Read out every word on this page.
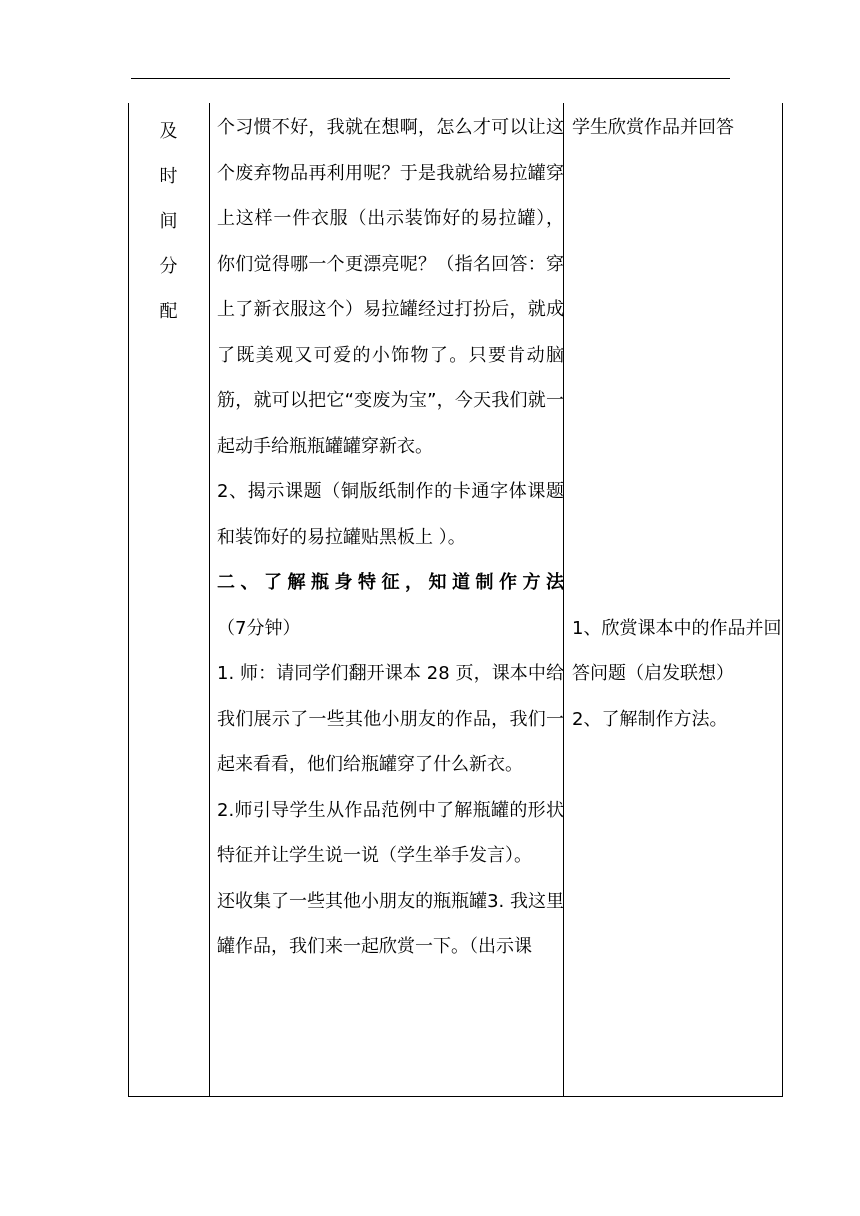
及
时
间
分
配

个习惯不好，我就在想啊，怎么才可以让这个废弃物品再利用呢？于是我就给易拉罐穿上这样一件衣服（出示装饰好的易拉罐），你们觉得哪一个更漂亮呢？（指名回答：穿上了新衣服这个）易拉罐经过打扮后，就成了既美观又可爱的小饰物了。只要肯动脑筋，就可以把它“变废为宝”，今天我们就一起动手给瓶瓶罐罐穿新衣。

2、揭示课题（铜版纸制作的卡通字体课题和装饰好的易拉罐贴黑板上 ）。

二、了解瓶身特征，知道制作方法（7分钟）

1. 师：请同学们翻开课本 28 页，课本中给我们展示了一些其他小朋友的作品，我们一起来看看，他们给瓶罐穿了什么新衣。

2.师引导学生从作品范例中了解瓶罐的形状特征并让学生说一说（学生举手发言）。
3. 我这里

还收集了一些其他小朋友的瓶瓶罐罐作品，我们来一起欣赏一下。（出示课

学生欣赏作品并回答

1、欣赏课本中的作品并回答问题（启发联想）

2、了解制作方法。
